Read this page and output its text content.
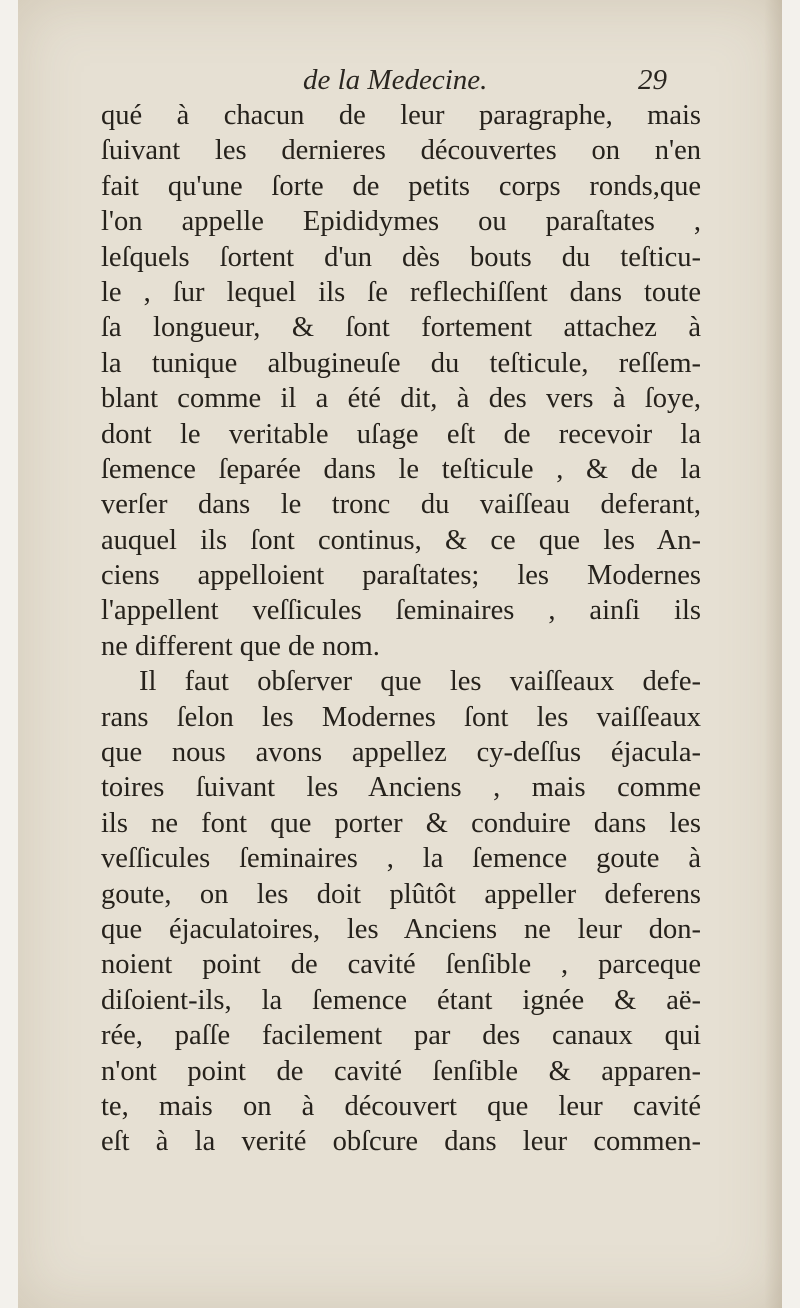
de la Medecine.	29
qué à chacun de leur paragraphe, mais
ſuivant les dernieres découvertes on n'en
fait qu'une ſorte de petits corps ronds,que
l'on appelle Epididymes ou paraſtates ,
leſquels ſortent d'un dès bouts du teſticu-
le , ſur lequel ils ſe reflechiſſent dans toute
ſa longueur, & ſont fortement attachez à
la tunique albugineuſe du teſticule, reſſem-
blant comme il a été dit, à des vers à ſoye,
dont le veritable uſage eſt de recevoir la
ſemence ſeparée dans le teſticule , & de la
verſer dans le tronc du vaiſſeau deferant,
auquel ils ſont continus, & ce que les An-
ciens appelloient paraſtates; les Modernes
l'appellent veſſicules ſeminaires , ainſi ils
ne different que de nom.
Il faut obſerver que les vaiſſeaux defe-
rans ſelon les Modernes ſont les vaiſſeaux
que nous avons appellez cy-deſſus éjacula-
toires ſuivant les Anciens , mais comme
ils ne font que porter & conduire dans les
veſſicules ſeminaires , la ſemence goute à
goute, on les doit plûtôt appeller deferens
que éjaculatoires, les Anciens ne leur don-
noient point de cavité ſenſible , parceque
diſoient-ils, la ſemence étant ignée & aë-
rée, paſſe facilement par des canaux qui
n'ont point de cavité ſenſible & apparen-
te, mais on à découvert que leur cavité
eſt à la verité obſcure dans leur commen-
